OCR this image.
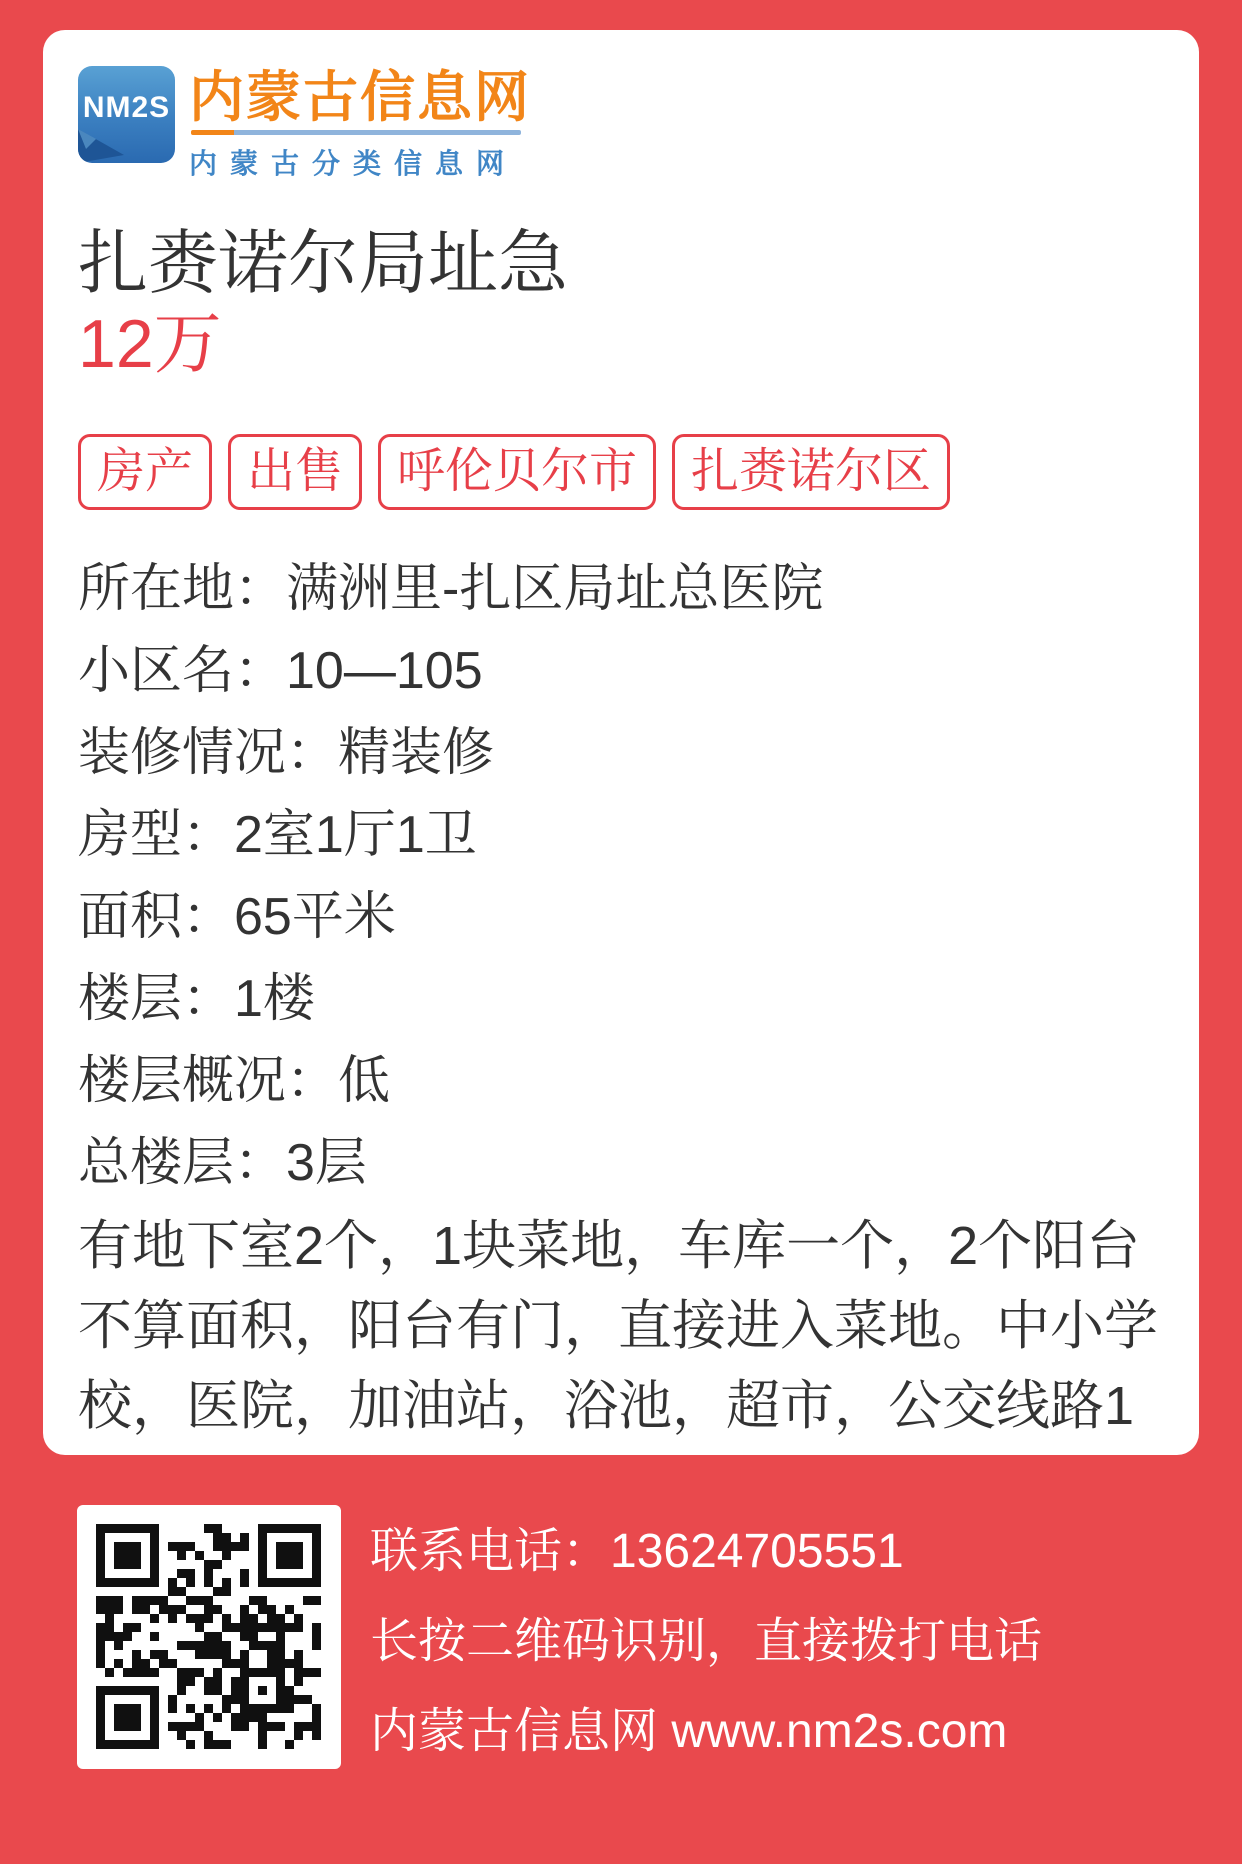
NM2S 内蒙古信息网
内蒙古分类信息网
扎赉诺尔局址急
12万
房产	出售	呼伦贝尔市	扎赉诺尔区
所在地：满洲里-扎区局址总医院
小区名：10—105
装修情况：精装修
房型：2室1厅1卫
面积：65平米
楼层：1楼
楼层概况：低
总楼层：3层
有地下室2个，1块菜地，车库一个，2个阳台不算面积，阳台有门，直接进入菜地。中小学校，医院，加油站，浴池，超市，公交线路1
联系电话：13624705551
长按二维码识别，直接拨打电话
内蒙古信息网 www.nm2s.com
